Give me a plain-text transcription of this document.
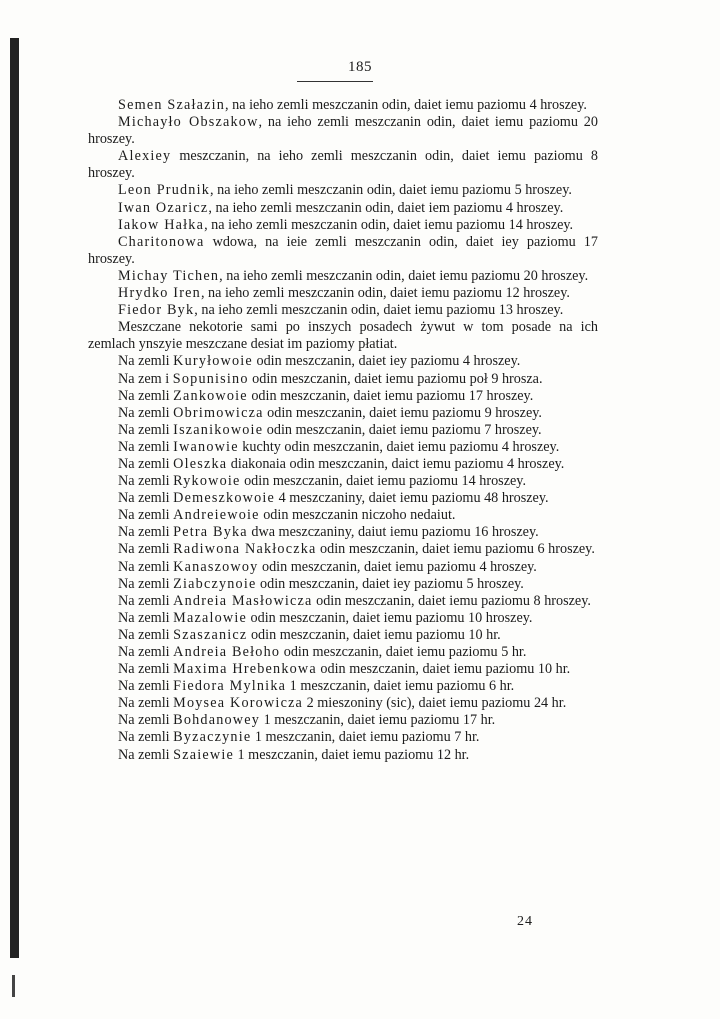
185

Semen Szałazin, na ieho zemli meszczanin odin, daiet iemu paziomu 4 hroszey.

Michayło Obszakow, na ieho zemli meszczanin odin, daiet iemu paziomu 20 hroszey.

Alexiey meszczanin, na ieho zemli meszczanin odin, daiet iemu paziomu 8 hroszey.

Leon Prudnik, na ieho zemli meszczanin odin, daiet iemu paziomu 5 hroszey.

Iwan Ozaricz, na ieho zemli meszczanin odin, daiet iem paziomu 4 hroszey.

Iakow Hałka, na ieho zemli meszczanin odin, daiet iemu paziomu 14 hroszey.

Charitonowa wdowa, na ieie zemli meszczanin odin, daiet iey paziomu 17 hroszey.

Michay Tichen, na ieho zemli meszczanin odin, daiet iemu paziomu 20 hroszey.

Hrydko Iren, na ieho zemli meszczanin odin, daiet iemu paziomu 12 hroszey.

Fiedor Byk, na ieho zemli meszczanin odin, daiet iemu paziomu 13 hroszey.

Meszczane nekotorie sami po inszych posadech żywut w tom posade na ich zemlach ynszyie meszczane desiat im paziomy płatiat.

Na zemli Kuryłowoie odin meszczanin, daiet iey paziomu 4 hroszey.

Na zem i Sopunisino odin meszczanin, daiet iemu paziomu poł 9 hrosza.

Na zemli Zankowoie odin meszczanin, daiet iemu paziomu 17 hroszey.

Na zemli Obrimowicza odin meszczanin, daiet iemu paziomu 9 hroszey.

Na zemli Iszanikowoie odin meszczanin, daiet iemu paziomu 7 hroszey.

Na zemli Iwanowie kuchty odin meszczanin, daiet iemu paziomu 4 hroszey.

Na zemli Oleszka diakonaia odin meszczanin, daict iemu paziomu 4 hroszey.

Na zemli Rykowoie odin meszczanin, daiet iemu paziomu 14 hroszey.

Na zemli Demeszkowoie 4 meszczaniny, daiet iemu paziomu 48 hroszey.

Na zemli Andreiewoie odin meszczanin niczoho nedaiut.

Na zemli Petra Byka dwa meszczaniny, daiut iemu paziomu 16 hroszey.

Na zemli Radiwona Nakłoczka odin meszczanin, daiet iemu paziomu 6 hroszey.

Na zemli Kanaszowoy odin meszczanin, daiet iemu paziomu 4 hroszey.

Na zemli Ziabczynoie odin meszczanin, daiet iey paziomu 5 hroszey.

Na zemli Andreia Masłowicza odin meszczanin, daiet iemu paziomu 8 hroszey.

Na zemli Mazalowie odin meszczanin, daiet iemu paziomu 10 hroszey.

Na zemli Szaszanicz odin meszczanin, daiet iemu paziomu 10 hr.

Na zemli Andreia Bełoho odin meszczanin, daiet iemu paziomu 5 hr.

Na zemli Maxima Hrebenkowa odin meszczanin, daiet iemu paziomu 10 hr.

Na zemli Fiedora Mylnika 1 meszczanin, daiet iemu paziomu 6 hr.

Na zemli Moysea Korowicza 2 mieszoniny (sic), daiet iemu paziomu 24 hr.

Na zemli Bohdanowey 1 meszczanin, daiet iemu paziomu 17 hr.

Na zemli Byzaczynie 1 meszczanin, daiet iemu paziomu 7 hr.

Na zemli Szaiewie 1 meszczanin, daiet iemu paziomu 12 hr.

24
